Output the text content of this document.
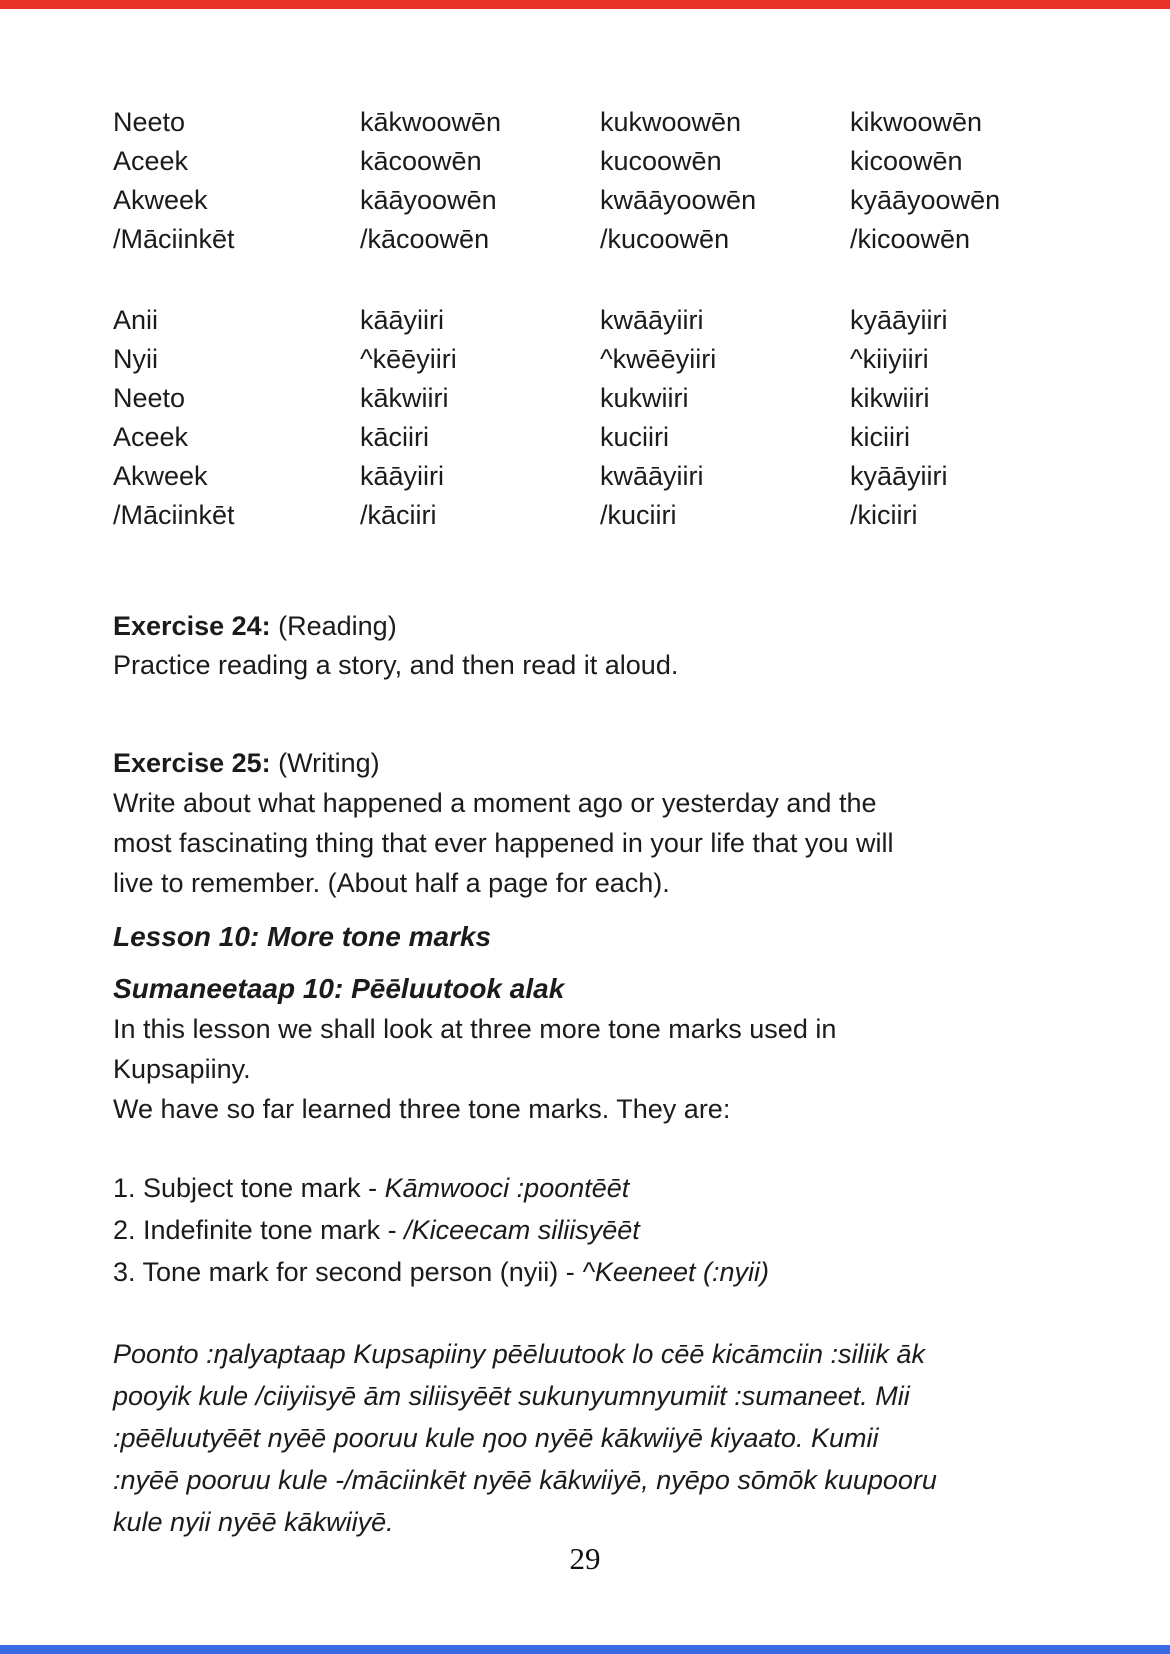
Neeto	kākwoowēn	kukwoowēn	kikwoowēn
Aceek	kācoowēn	kucoowēn	kicoowēn
Akweek	kāāyoowēn	kwāāyoowēn	kyāāyoowēn
/Māciinkēt	/kācoowēn	/kucoowēn	/kicoowēn
Anii	kāāyiiri	kwāāyiiri	kyāāyiiri
Nyii	^kēēyiiri	^kwēēyiiri	^kiiyiiri
Neeto	kākwiiri	kukwiiri	kikwiiri
Aceek	kāciiri	kuciiri	kiciiri
Akweek	kāāyiiri	kwāāyiiri	kyāāyiiri
/Māciinkēt	/kāciiri	/kuciiri	/kiciiri
Exercise 24: (Reading)
Practice reading a story, and then read it aloud.
Exercise 25: (Writing)
Write about what happened a moment ago or yesterday and the
most fascinating thing that ever happened in your life that you will
live to remember. (About half a page for each).
Lesson 10: More tone marks
Sumaneetaap 10: Pēēluutook alak
In this lesson we shall look at three more tone marks used in
Kupsapiiny.
We have so far learned three tone marks. They are:
1. Subject tone mark - Kāmwooci :poontēēt
2. Indefinite tone mark - /Kiceecam siliisyēēt
3. Tone mark for second person (nyii) - ^Keeneet (:nyii)
Poonto :ŋalyaptaap Kupsapiiny pēēluutook lo cēē kicāmciin :siliik āk
pooyik kule /ciiyiisyē ām siliisyēēt sukunyumnyumiit :sumaneet. Mii
:pēēluutyēēt nyēē pooruu kule ŋoo nyēē kākwiiyē kiyaato. Kumii
:nyēē pooruu kule -/māciinkēt nyēē kākwiiyē, nyēpo sōmōk kuupooru
kule nyii nyēē kākwiiyē.
29
